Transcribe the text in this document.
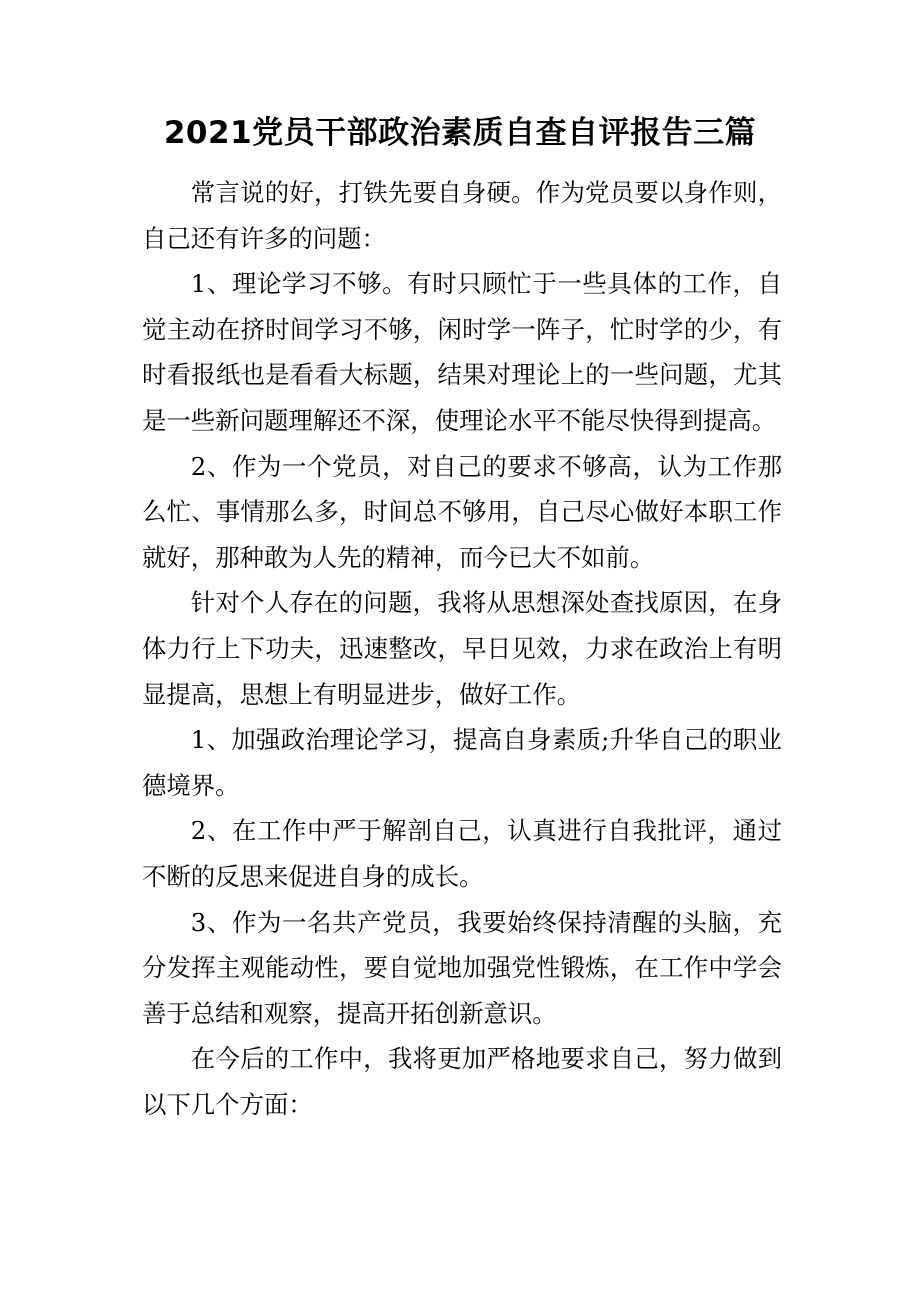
2021党员干部政治素质自查自评报告三篇

常言说的好，打铁先要自身硬。作为党员要以身作则，自己还有许多的问题：

1、理论学习不够。有时只顾忙于一些具体的工作，自觉主动在挤时间学习不够，闲时学一阵子，忙时学的少，有时看报纸也是看看大标题，结果对理论上的一些问题，尤其是一些新问题理解还不深，使理论水平不能尽快得到提高。

2、作为一个党员，对自己的要求不够高，认为工作那么忙、事情那么多，时间总不够用，自己尽心做好本职工作就好，那种敢为人先的精神，而今已大不如前。

针对个人存在的问题，我将从思想深处查找原因，在身体力行上下功夫，迅速整改，早日见效，力求在政治上有明显提高，思想上有明显进步，做好工作。

1、加强政治理论学习，提高自身素质;升华自己的职业德境界。

2、在工作中严于解剖自己，认真进行自我批评，通过不断的反思来促进自身的成长。

3、作为一名共产党员，我要始终保持清醒的头脑，充分发挥主观能动性，要自觉地加强党性锻炼，在工作中学会善于总结和观察，提高开拓创新意识。

在今后的工作中，我将更加严格地要求自己，努力做到以下几个方面：
